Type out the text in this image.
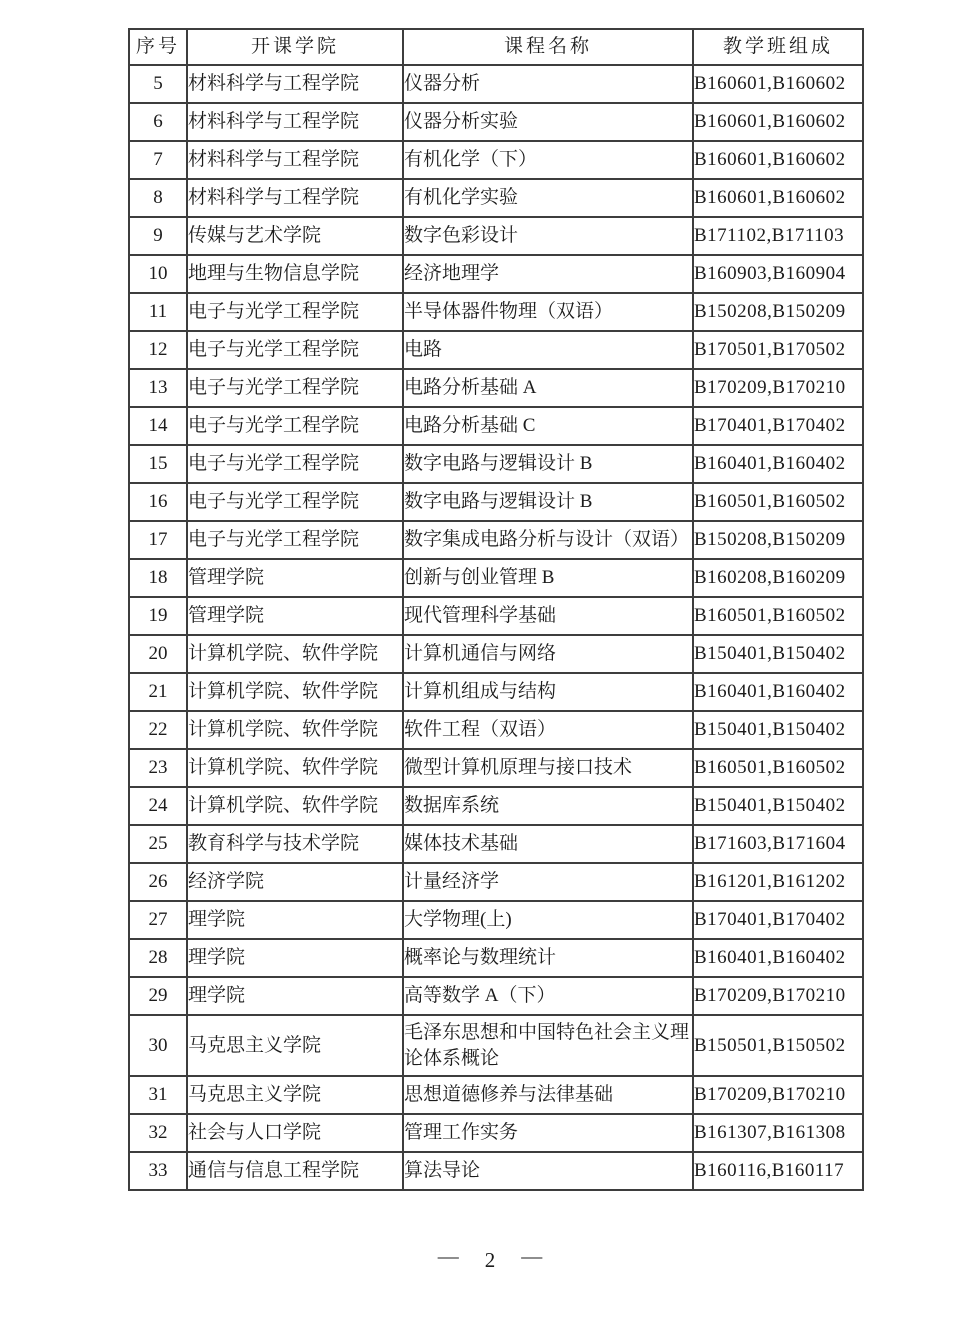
序号	开课学院	课程名称	教学班组成
5	材料科学与工程学院	仪器分析	B160601,B160602
6	材料科学与工程学院	仪器分析实验	B160601,B160602
7	材料科学与工程学院	有机化学（下）	B160601,B160602
8	材料科学与工程学院	有机化学实验	B160601,B160602
9	传媒与艺术学院	数字色彩设计	B171102,B171103
10	地理与生物信息学院	经济地理学	B160903,B160904
11	电子与光学工程学院	半导体器件物理（双语）	B150208,B150209
12	电子与光学工程学院	电路	B170501,B170502
13	电子与光学工程学院	电路分析基础 A	B170209,B170210
14	电子与光学工程学院	电路分析基础 C	B170401,B170402
15	电子与光学工程学院	数字电路与逻辑设计 B	B160401,B160402
16	电子与光学工程学院	数字电路与逻辑设计 B	B160501,B160502
17	电子与光学工程学院	数字集成电路分析与设计（双语）	B150208,B150209
18	管理学院	创新与创业管理 B	B160208,B160209
19	管理学院	现代管理科学基础	B160501,B160502
20	计算机学院、软件学院	计算机通信与网络	B150401,B150402
21	计算机学院、软件学院	计算机组成与结构	B160401,B160402
22	计算机学院、软件学院	软件工程（双语）	B150401,B150402
23	计算机学院、软件学院	微型计算机原理与接口技术	B160501,B160502
24	计算机学院、软件学院	数据库系统	B150401,B150402
25	教育科学与技术学院	媒体技术基础	B171603,B171604
26	经济学院	计量经济学	B161201,B161202
27	理学院	大学物理(上)	B170401,B170402
28	理学院	概率论与数理统计	B160401,B160402
29	理学院	高等数学 A（下）	B170209,B170210
30	马克思主义学院	毛泽东思想和中国特色社会主义理论体系概论	B150501,B150502
31	马克思主义学院	思想道德修养与法律基础	B170209,B170210
32	社会与人口学院	管理工作实务	B161307,B161308
33	通信与信息工程学院	算法导论	B160116,B160117
— 2 —
